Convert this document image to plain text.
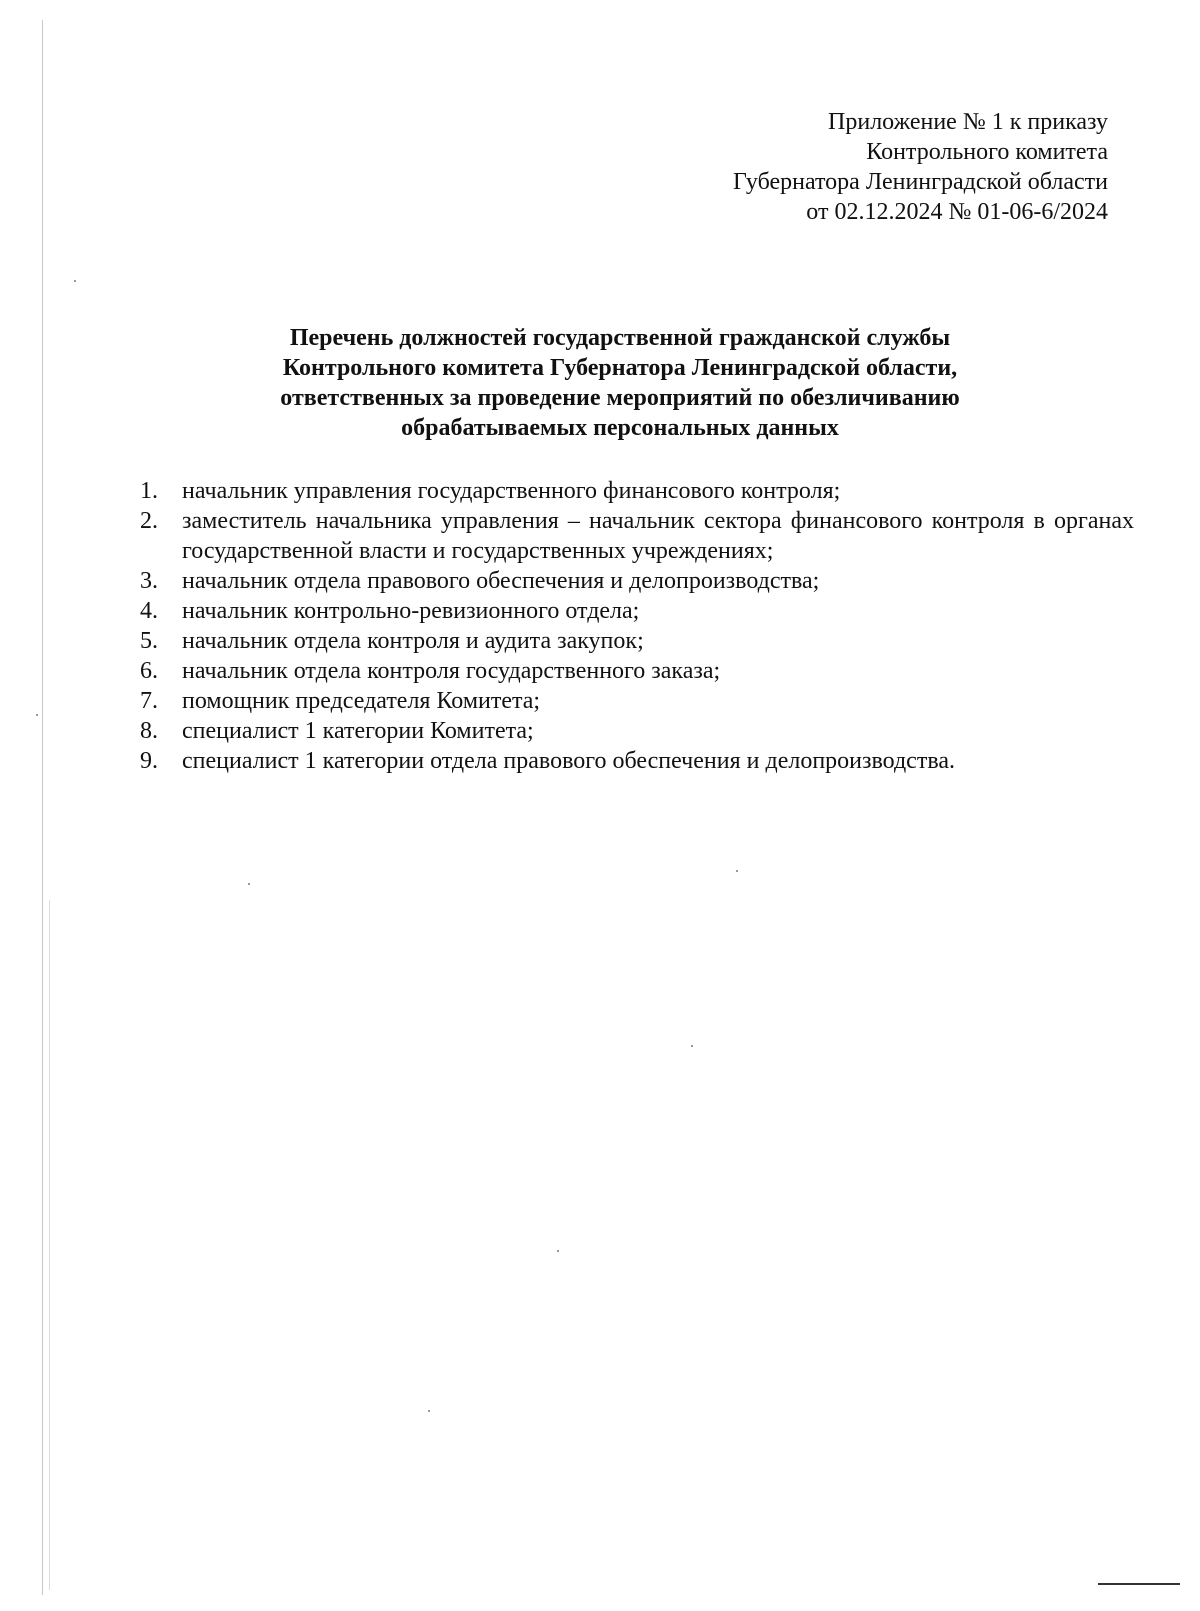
Приложение № 1 к приказу
Контрольного комитета
Губернатора Ленинградской области
от 02.12.2024 № 01-06-6/2024
Перечень должностей государственной гражданской службы
Контрольного комитета Губернатора Ленинградской области,
ответственных за проведение мероприятий по обезличиванию
обрабатываемых персональных данных
1. начальник управления государственного финансового контроля;
2. заместитель начальника управления – начальник сектора финансового контроля в органах государственной власти и государственных учреждениях;
3. начальник отдела правового обеспечения и делопроизводства;
4. начальник контрольно-ревизионного отдела;
5. начальник отдела контроля и аудита закупок;
6. начальник отдела контроля государственного заказа;
7. помощник председателя Комитета;
8. специалист 1 категории Комитета;
9. специалист 1 категории отдела правового обеспечения и делопроизводства.
